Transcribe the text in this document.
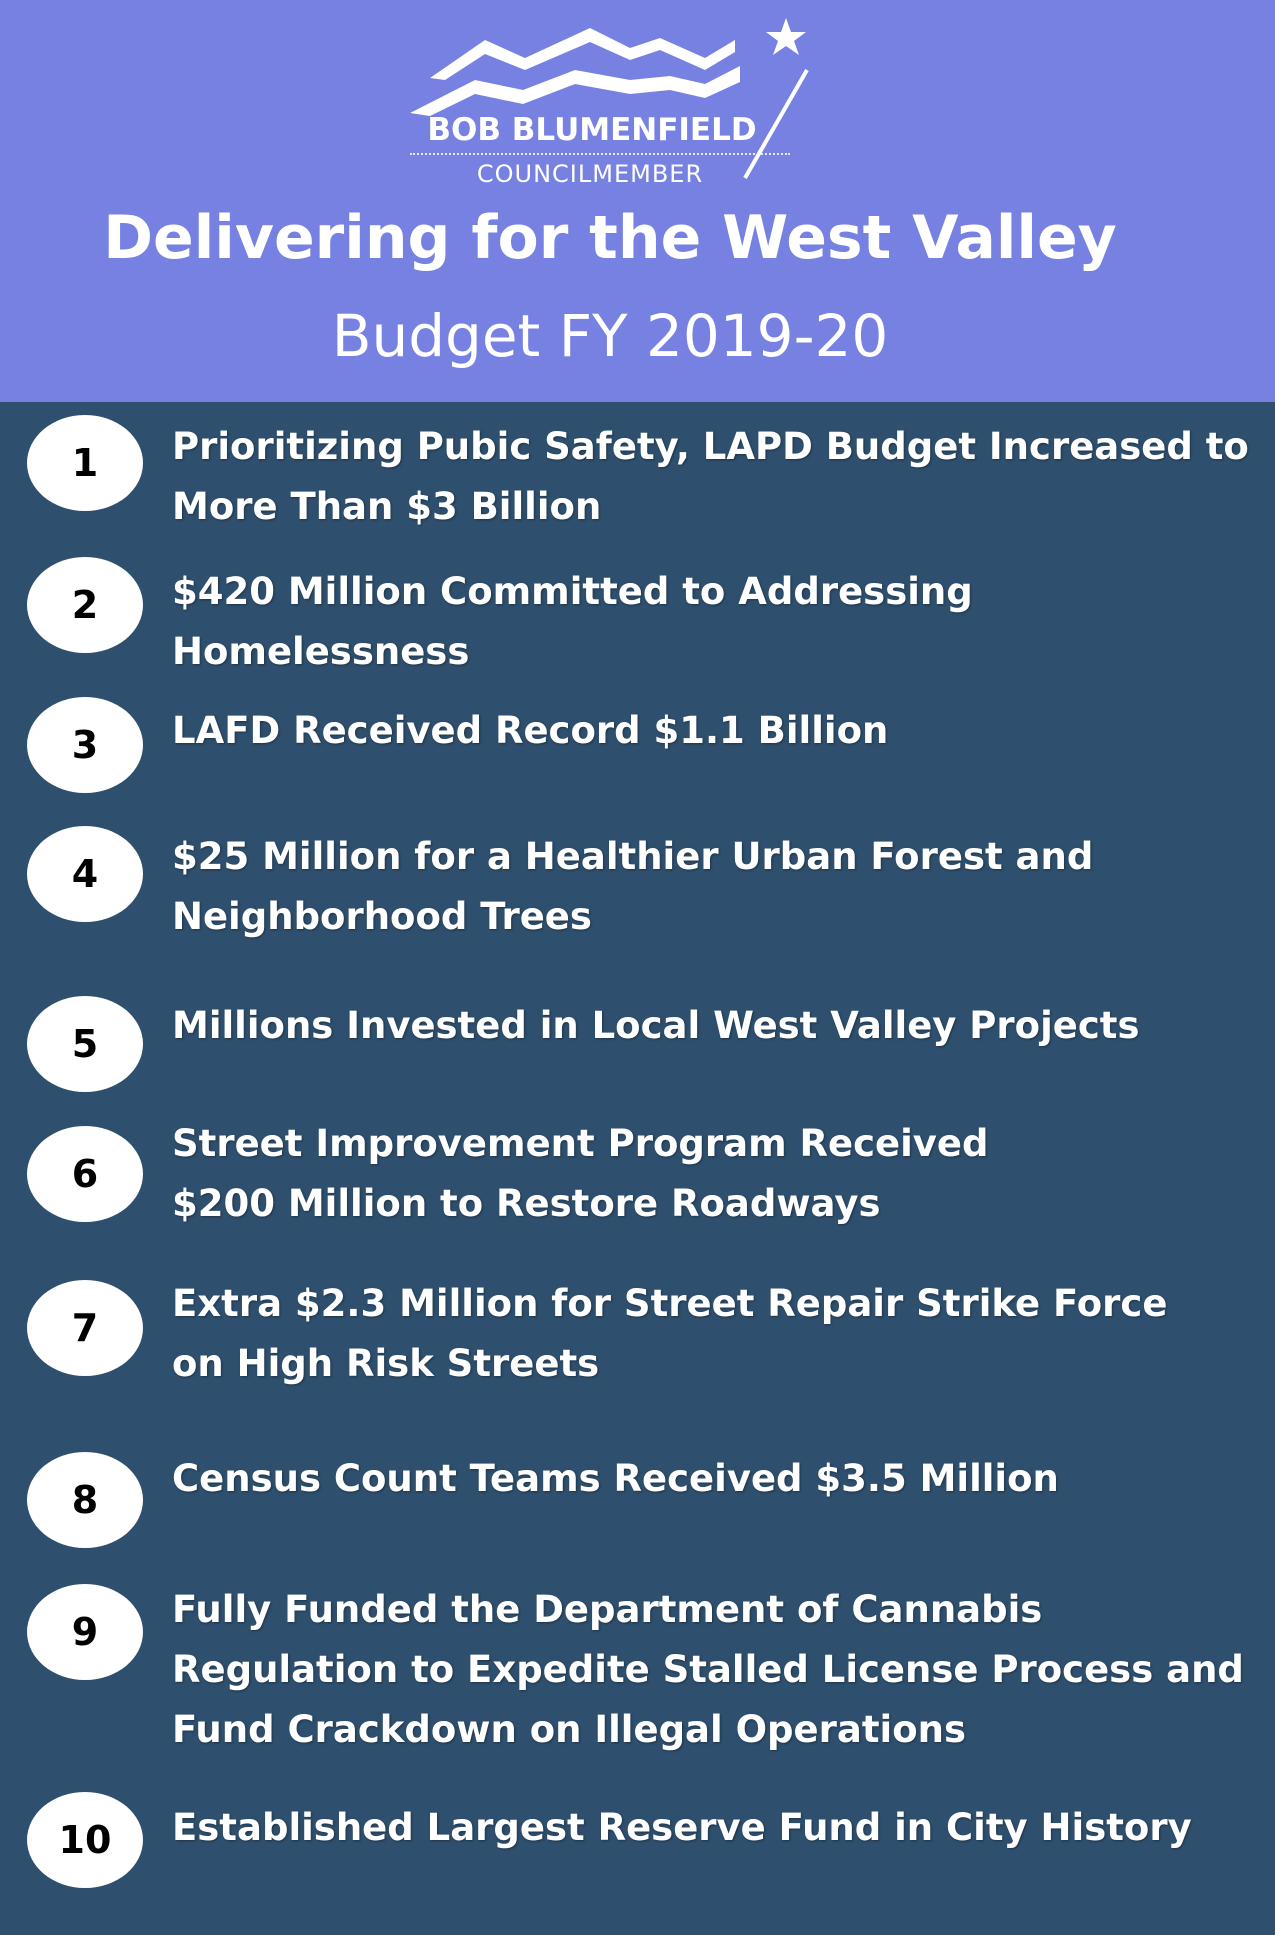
BOB BLUMENFIELD
COUNCILMEMBER
Delivering for the West Valley
Budget FY 2019-20
1	Prioritizing Pubic Safety, LAPD Budget Increased to
More Than $3 Billion
2	$420 Million Committed to Addressing Homelessness
3	LAFD Received Record $1.1 Billion
4	$25 Million for a Healthier Urban Forest and
Neighborhood Trees
5	Millions Invested in Local West Valley Projects
6
Street Improvement Program Received
$200 Million to Restore Roadways
7
Extra $2.3 Million for Street Repair Strike Force
on High Risk Streets
8	Census Count Teams Received $3.5 Million
9
Fully Funded the Department of Cannabis
Regulation to Expedite Stalled License Process and
Fund Crackdown on Illegal Operations
10	Established Largest Reserve Fund in City History
